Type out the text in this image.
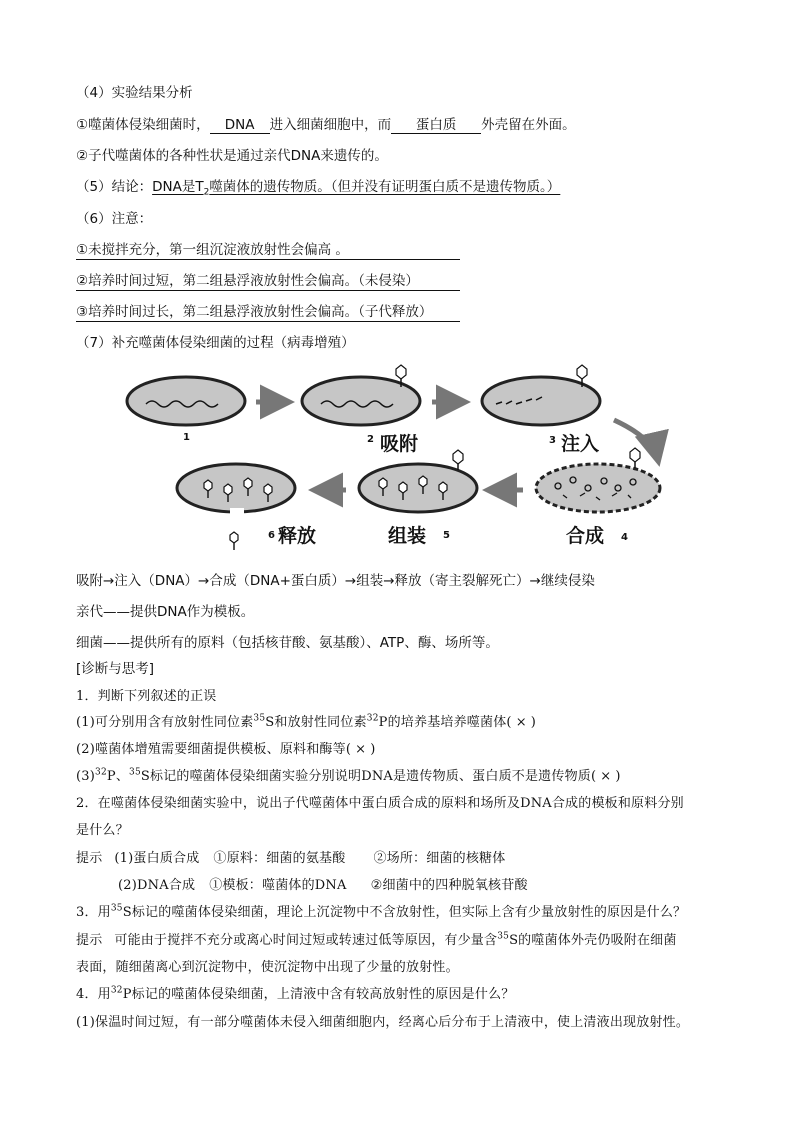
（4）实验结果分析
①噬菌体侵染细菌时， DNA 进入细菌细胞中，而 蛋白质 外壳留在外面。
②子代噬菌体的各种性状是通过亲代DNA来遗传的。
（5）结论：DNA是$T_2$噬菌体的遗传物质。（但并没有证明蛋白质不是遗传物质。）
（6）注意：
①未搅拌充分，第一组沉淀液放射性会偏高 。
②培养时间过短，第二组悬浮液放射性会偏高。（未侵染）
③培养时间过长，第二组悬浮液放射性会偏高。（子代释放）
（7）补充噬菌体侵染细菌的过程（病毒增殖）
1	2 吸附	3 注入
合成 4
组装 5
6 释放
吸附→注入（DNA）→合成（DNA+蛋白质）→组装→释放（寄主裂解死亡）→继续侵染
亲代——提供DNA作为模板。
细菌——提供所有的原料（包括核苷酸、氨基酸）、ATP、酶、场所等。
[诊断与思考]
1．判断下列叙述的正误
(1)可分别用含有放射性同位素$^{35}$S和放射性同位素$^{32}$P的培养基培养噬菌体( × )
(2)噬菌体增殖需要细菌提供模板、原料和酶等( × )
$(3)^{32}P$、$^{35}$S标记的噬菌体侵染细菌实验分别说明DNA是遗传物质、蛋白质不是遗传物质( × )
2．在噬菌体侵染细菌实验中，说出子代噬菌体中蛋白质合成的原料和场所及DNA合成的模板和原料分别
是什么？
提示 (1)蛋白质合成 ①原料：细菌的氨基酸 ②场所：细菌的核糖体
(2)DNA合成 ①模板：噬菌体的DNA ②细菌中的四种脱氧核苷酸
3．用$^{35}$S标记的噬菌体侵染细菌，理论上沉淀物中不含放射性，但实际上含有少量放射性的原因是什么？
提示 可能由于搅拌不充分或离心时间过短或转速过低等原因，有少量含$^{35}$S的噬菌体外壳仍吸附在细菌
表面，随细菌离心到沉淀物中，使沉淀物中出现了少量的放射性。
4．用$^{32}$P标记的噬菌体侵染细菌，上清液中含有较高放射性的原因是什么？
(1)保温时间过短，有一部分噬菌体未侵入细菌细胞内，经离心后分布于上清液中，使上清液出现放射性。
